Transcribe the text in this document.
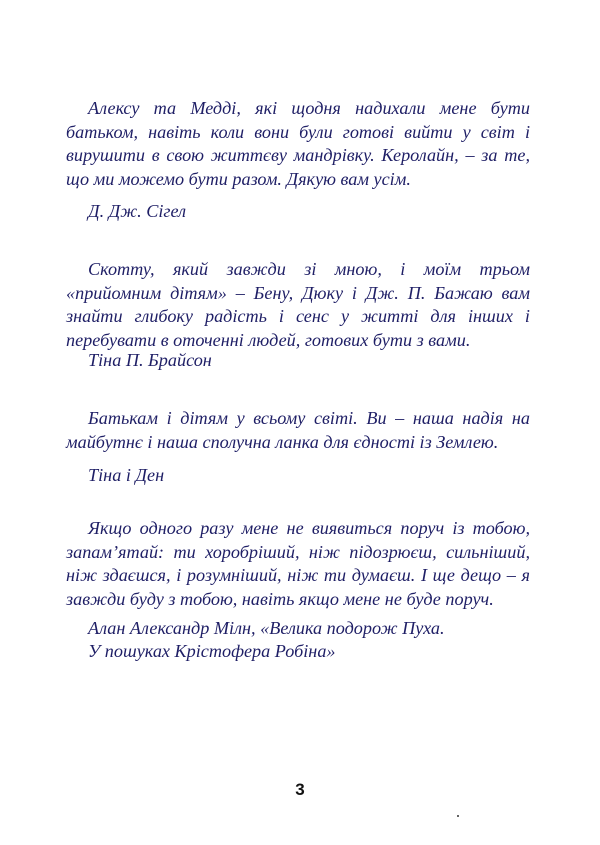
Алексу та Медді, які щодня надихали мене бути батьком, навіть коли вони були готові вийти у світ і вирушити в свою життєву мандрівку. Керолайн, – за те, що ми можемо бути разом. Дякую вам усім.

Д. Дж. Сігел

Скотту, який завжди зі мною, і моїм трьом «прийомним дітям» – Бену, Дюку і Дж. П. Бажаю вам знайти глибоку радість і сенс у житті для інших і перебувати в оточенні людей, готових бути з вами.

Тіна П. Брайсон

Батькам і дітям у всьому світі. Ви – наша надія на майбутнє і наша сполучна ланка для єдності із Землею.

Тіна і Ден

Якщо одного разу мене не виявиться поруч із тобою, запам’ятай: ти хоробріший, ніж підозрюєш, сильніший, ніж здаєшся, і розумніший, ніж ти думаєш. І ще дещо – я завжди буду з тобою, навіть якщо мене не буде поруч.

Алан Александр Мілн, «Велика подорож Пуха.

У пошуках Крістофера Робіна»

3
